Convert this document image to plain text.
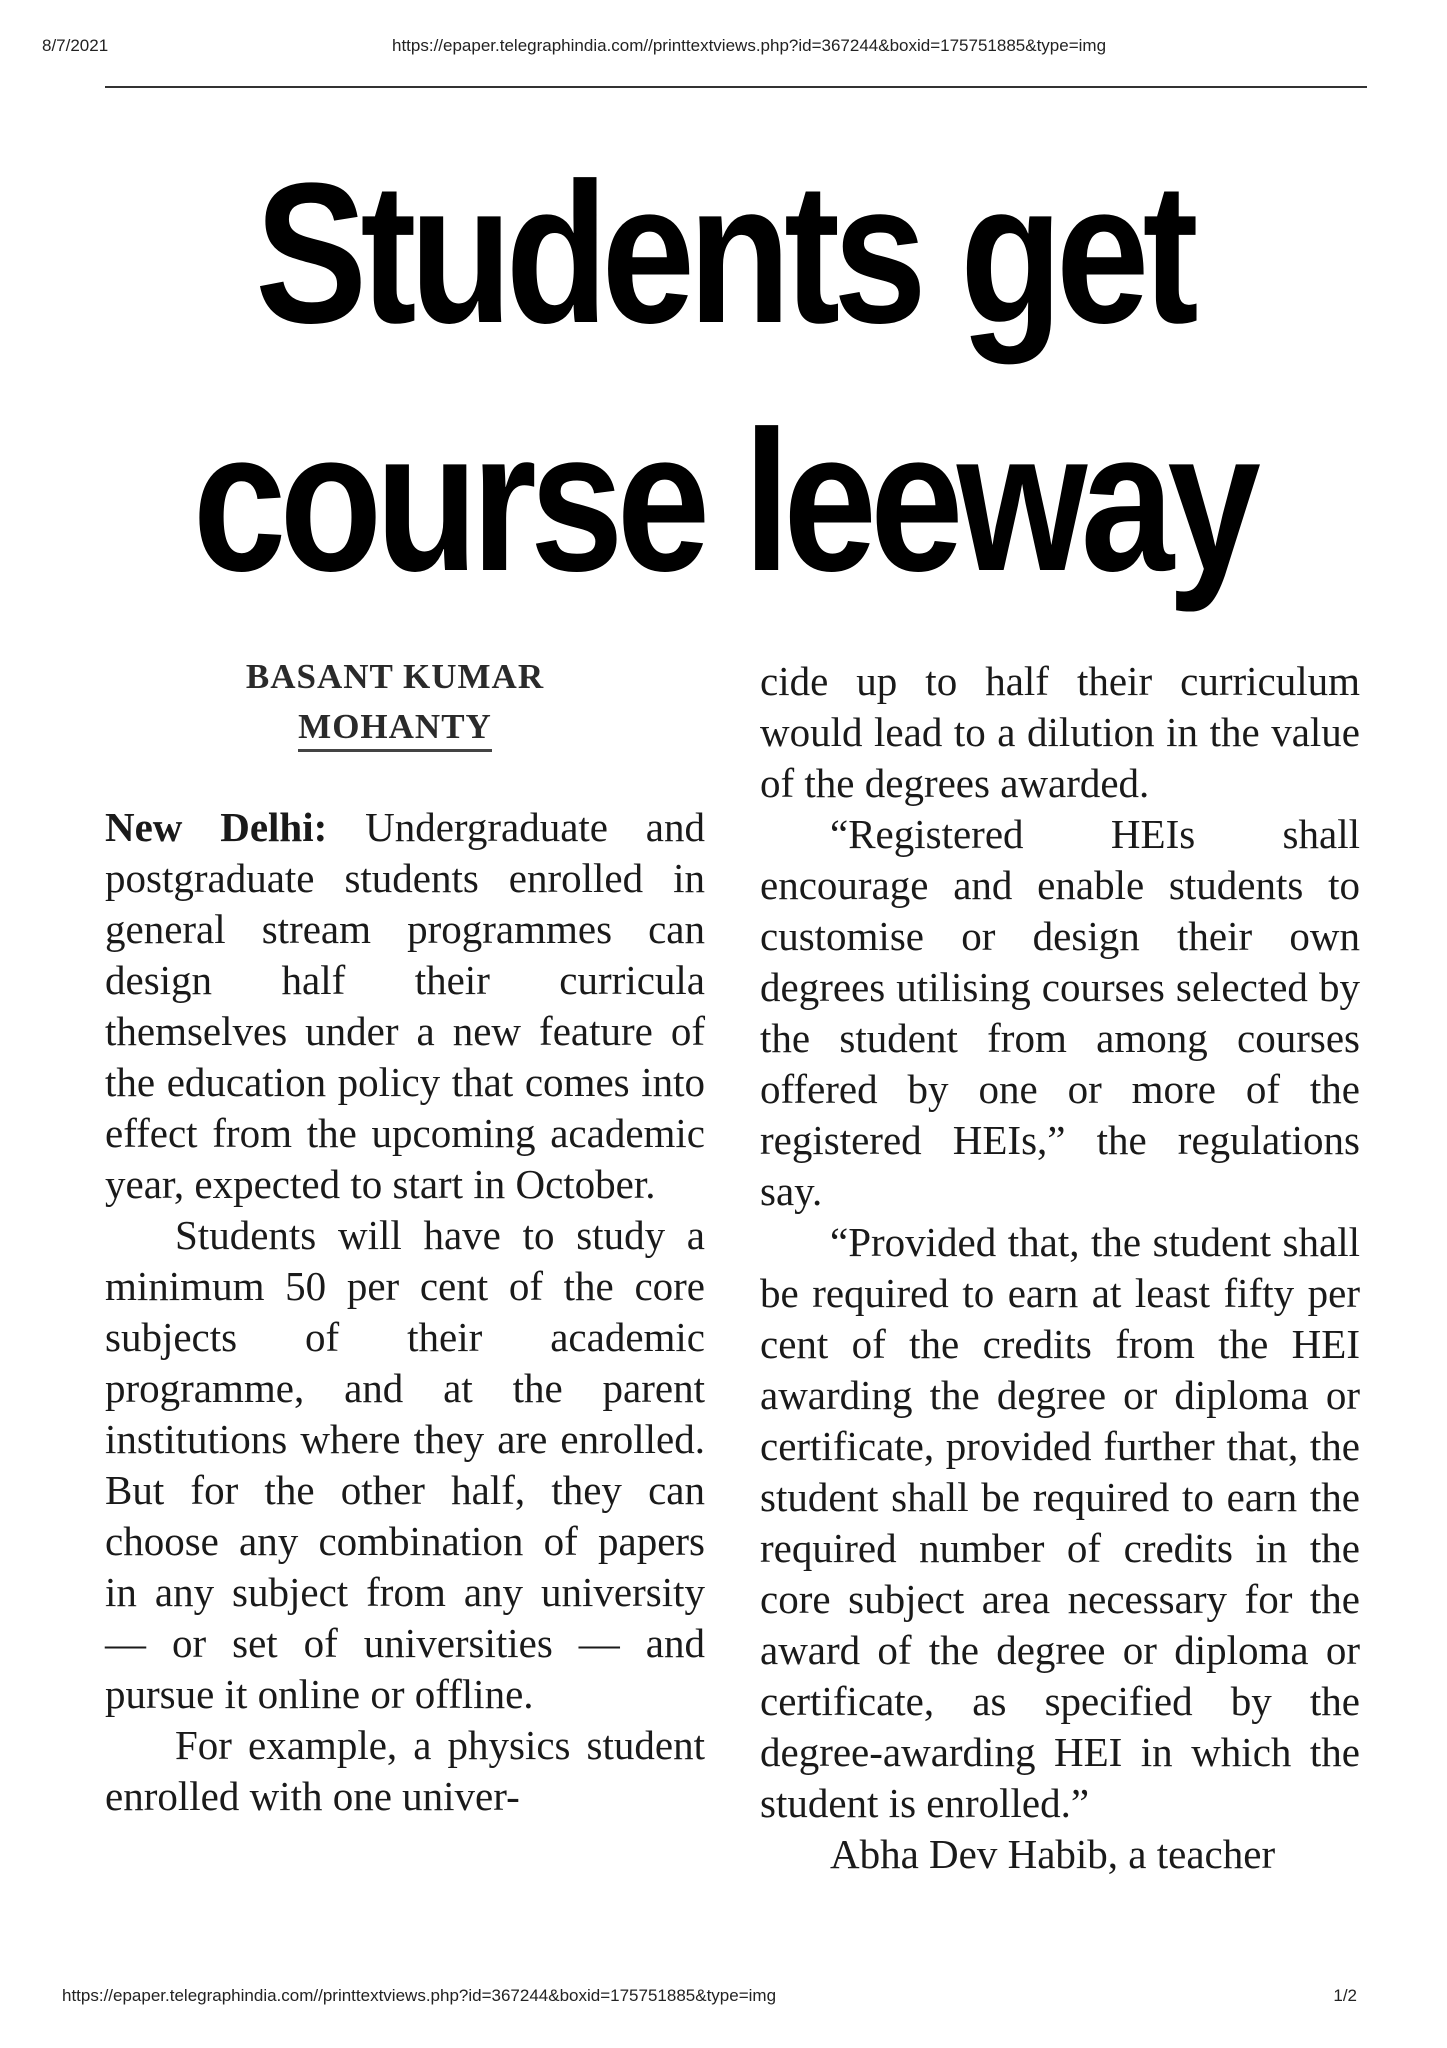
8/7/2021	https://epaper.telegraphindia.com//printtextviews.php?id=367244&boxid=175751885&type=img
Students get
course leeway
BASANT KUMAR
MOHANTY

New Delhi: Undergraduate and postgraduate students enrolled in general stream programmes can design half their curricula themselves under a new feature of the education policy that comes into effect from the upcoming academic year, expected to start in October.

Students will have to study a minimum 50 per cent of the core subjects of their academic programme, and at the parent institutions where they are enrolled. But for the other half, they can choose any combination of papers in any subject from any university — or set of universities — and pursue it online or offline.

For example, a physics student enrolled with one univer-

cide up to half their curriculum would lead to a dilution in the value of the degrees awarded.

“Registered HEIs shall encourage and enable students to customise or design their own degrees utilising courses selected by the student from among courses offered by one or more of the registered HEIs,” the regulations say.

“Provided that, the student shall be required to earn at least fifty per cent of the credits from the HEI awarding the degree or diploma or certificate, provided further that, the student shall be required to earn the required number of credits in the core subject area necessary for the award of the degree or diploma or certificate, as specified by the degree-awarding HEI in which the student is enrolled.”

Abha Dev Habib, a teacher

https://epaper.telegraphindia.com//printtextviews.php?id=367244&boxid=175751885&type=img	1/2
